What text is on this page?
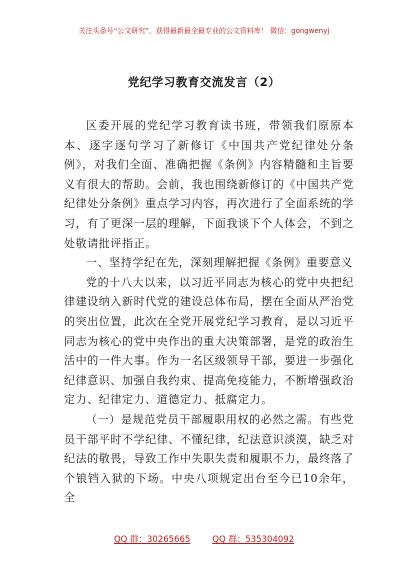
关注头条号“公文研究”，获得最新最全最专业的公文资料库！ 微信：gongwenyj
党纪学习教育交流发言（2）

区委开展的党纪学习教育读书班，带领我们原原本本、逐字逐句学习了新修订《中国共产党纪律处分条例》，对我们全面、准确把握《条例》内容精髓和主旨要义有很大的帮助。会前，我也围绕新修订的《中国共产党纪律处分条例》重点学习内容，再次进行了全面系统的学习，有了更深一层的理解，下面我谈下个人体会，不到之处敬请批评指正。

一、坚持学纪在先，深刻理解把握《条例》重要意义

党的十八大以来，以习近平同志为核心的党中央把纪律建设纳入新时代党的建设总体布局，摆在全面从严治党的突出位置，此次在全党开展党纪学习教育，是以习近平同志为核心的党中央作出的重大决策部署，是党的政治生活中的一件大事。作为一名区级领导干部，要进一步强化纪律意识、加强自我约束、提高免疫能力，不断增强政治定力、纪律定力、道德定力、抵腐定力。

（一）是规范党员干部履职用权的必然之需。有些党员干部平时不学纪律、不懂纪律，纪法意识淡漠，缺乏对纪法的敬畏，导致工作中失职失责和履职不力，最终落了个锒铛入狱的下场。中央八项规定出台至今已10余年，全

QQ 群：30265665	QQ 群：535304092
